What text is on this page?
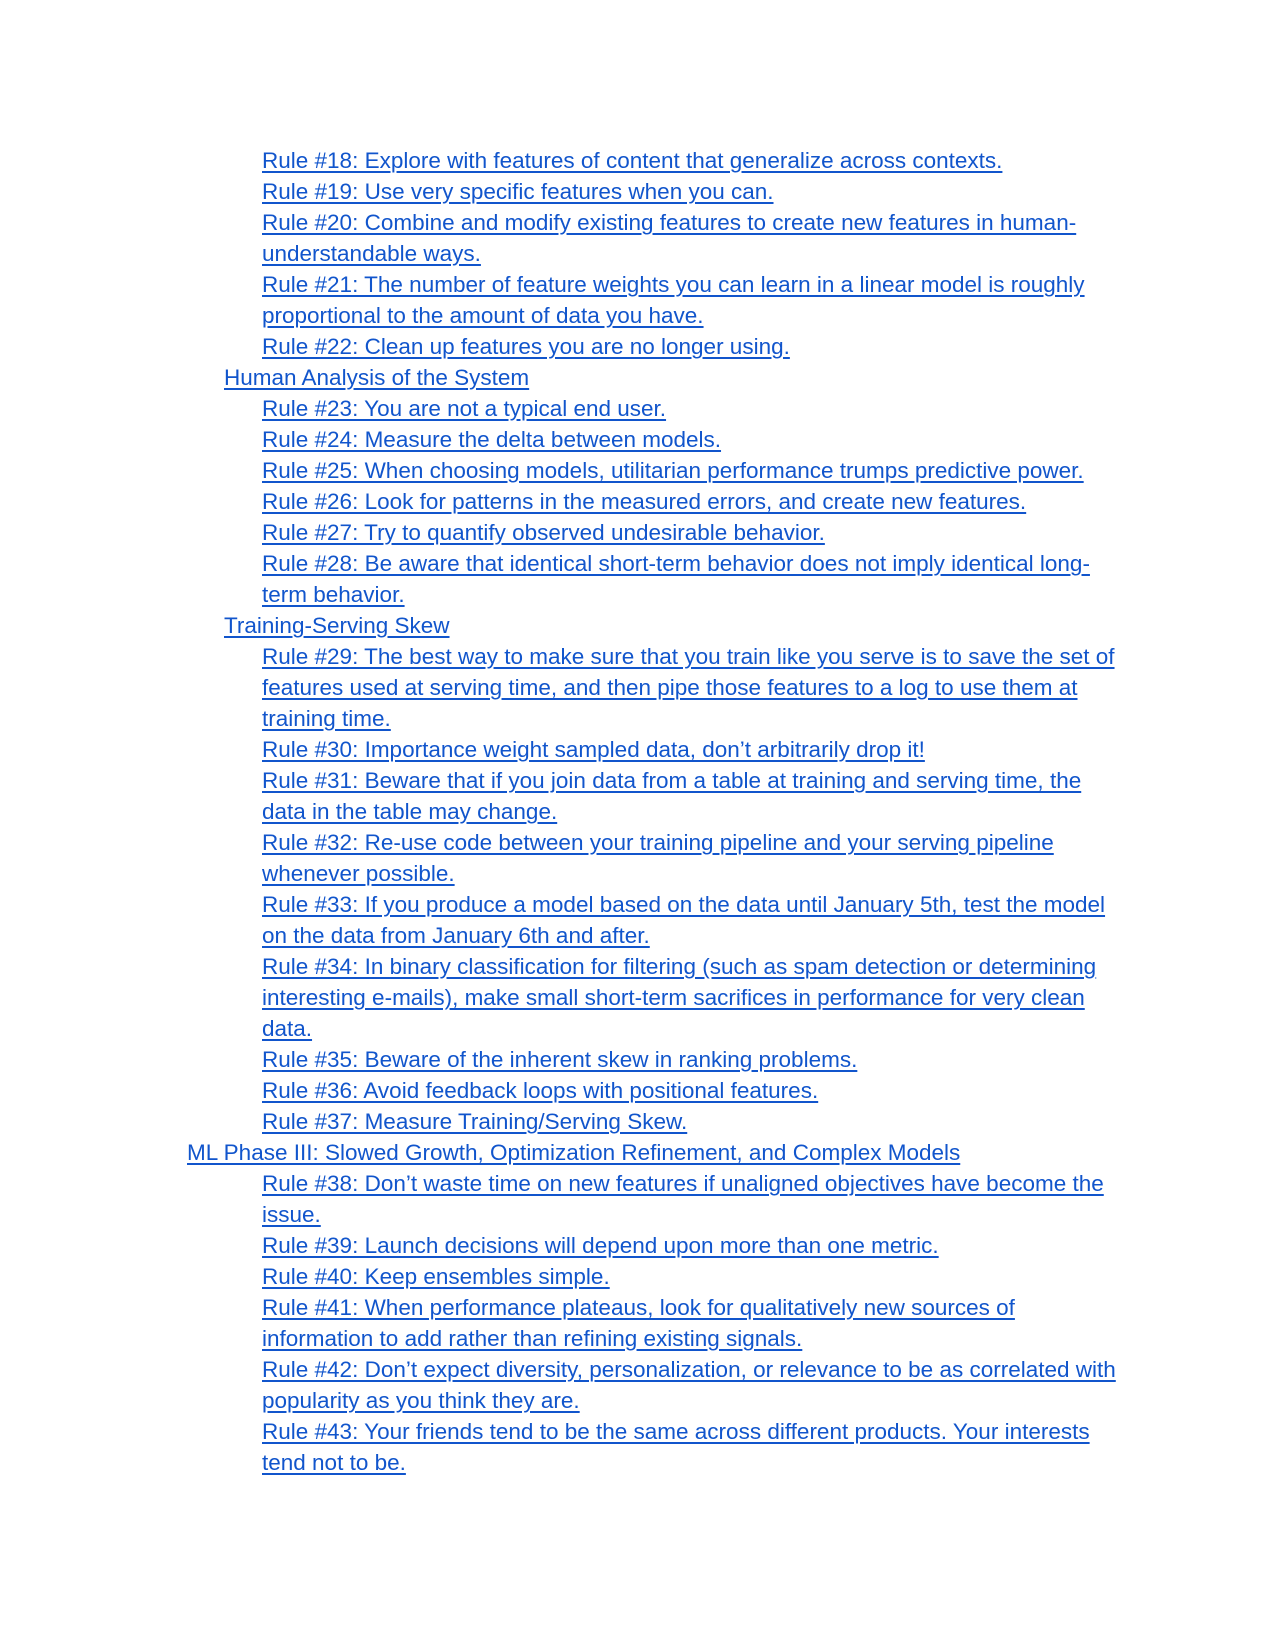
Rule #18: Explore with features of content that generalize across contexts.
Rule #19: Use very specific features when you can.
Rule #20: Combine and modify existing features to create new features in human-understandable ways.
Rule #21: The number of feature weights you can learn in a linear model is roughly proportional to the amount of data you have.
Rule #22: Clean up features you are no longer using.
Human Analysis of the System
Rule #23: You are not a typical end user.
Rule #24: Measure the delta between models.
Rule #25: When choosing models, utilitarian performance trumps predictive power.
Rule #26: Look for patterns in the measured errors, and create new features.
Rule #27: Try to quantify observed undesirable behavior.
Rule #28: Be aware that identical short-term behavior does not imply identical long-term behavior.
Training-Serving Skew
Rule #29: The best way to make sure that you train like you serve is to save the set of features used at serving time, and then pipe those features to a log to use them at training time.
Rule #30: Importance weight sampled data, don’t arbitrarily drop it!
Rule #31: Beware that if you join data from a table at training and serving time, the data in the table may change.
Rule #32: Re-use code between your training pipeline and your serving pipeline whenever possible.
Rule #33: If you produce a model based on the data until January 5th, test the model on the data from January 6th and after.
Rule #34: In binary classification for filtering (such as spam detection or determining interesting e-mails), make small short-term sacrifices in performance for very clean data.
Rule #35: Beware of the inherent skew in ranking problems.
Rule #36: Avoid feedback loops with positional features.
Rule #37: Measure Training/Serving Skew.
ML Phase III: Slowed Growth, Optimization Refinement, and Complex Models
Rule #38: Don’t waste time on new features if unaligned objectives have become the issue.
Rule #39: Launch decisions will depend upon more than one metric.
Rule #40: Keep ensembles simple.
Rule #41: When performance plateaus, look for qualitatively new sources of information to add rather than refining existing signals.
Rule #42: Don’t expect diversity, personalization, or relevance to be as correlated with popularity as you think they are.
Rule #43: Your friends tend to be the same across different products. Your interests tend not to be.
